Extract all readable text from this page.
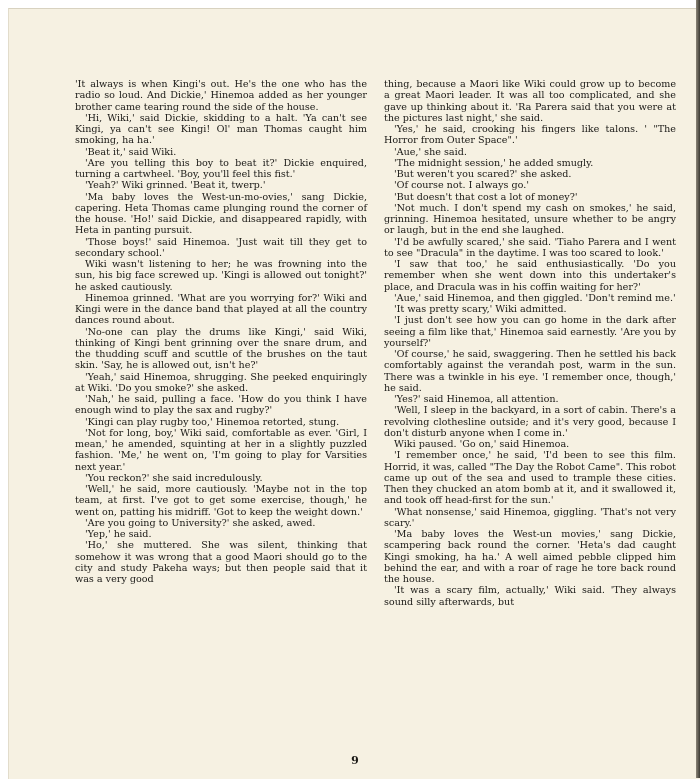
'It always is when Kingi's out. He's the one who has the radio so loud. And Dickie,' Hinemoa added as her younger brother came tearing round the side of the house.

'Hi, Wiki,' said Dickie, skidding to a halt. 'Ya can't see Kingi, ya can't see Kingi! Ol' man Thomas caught him smoking, ha ha.'

'Beat it,' said Wiki.

'Are you telling this boy to beat it?' Dickie enquired, turning a cartwheel. 'Boy, you'll feel this fist.'

'Yeah?' Wiki grinned. 'Beat it, twerp.'

'Ma baby loves the West-un-mo-ovies,' sang Dickie, capering. Heta Thomas came plunging round the corner of the house. 'Ho!' said Dickie, and disappeared rapidly, with Heta in panting pursuit.

'Those boys!' said Hinemoa. 'Just wait till they get to secondary school.'

Wiki wasn't listening to her; he was frowning into the sun, his big face screwed up. 'Kingi is allowed out tonight?' he asked cautiously.

Hinemoa grinned. 'What are you worrying for?' Wiki and Kingi were in the dance band that played at all the country dances round about.

'No-one can play the drums like Kingi,' said Wiki, thinking of Kingi bent grinning over the snare drum, and the thudding scuff and scuttle of the brushes on the taut skin. 'Say, he is allowed out, isn't he?'

'Yeah,' said Hinemoa, shrugging. She peeked enquiringly at Wiki. 'Do you smoke?' she asked.

'Nah,' he said, pulling a face. 'How do you think I have enough wind to play the sax and rugby?'

'Kingi can play rugby too,' Hinemoa retorted, stung.

'Not for long, boy,' Wiki said, comfortable as ever. 'Girl, I mean,' he amended, squinting at her in a slightly puzzled fashion. 'Me,' he went on, 'I'm going to play for Varsities next year.'

'You reckon?' she said incredulously.

'Well,' he said, more cautiously. 'Maybe not in the top team, at first. I've got to get some exercise, though,' he went on, patting his midriff. 'Got to keep the weight down.'

'Are you going to University?' she asked, awed.

'Yep,' he said.

'Ho,' she muttered. She was silent, thinking that somehow it was wrong that a good Maori should go to the city and study Pakeha ways; but then people said that it was a very good

thing, because a Maori like Wiki could grow up to become a great Maori leader. It was all too complicated, and she gave up thinking about it. 'Ra Parera said that you were at the pictures last night,' she said.

'Yes,' he said, crooking his fingers like talons. ' "The Horror from Outer Space".'

'Aue,' she said.

'The midnight session,' he added smugly.

'But weren't you scared?' she asked.

'Of course not. I always go.'

'But doesn't that cost a lot of money?'

'Not much. I don't spend my cash on smokes,' he said, grinning. Hinemoa hesitated, unsure whether to be angry or laugh, but in the end she laughed.

'I'd be awfully scared,' she said. 'Tiaho Parera and I went to see "Dracula" in the daytime. I was too scared to look.'

'I saw that too,' he said enthusiastically. 'Do you remember when she went down into this undertaker's place, and Dracula was in his coffin waiting for her?'

'Aue,' said Hinemoa, and then giggled. 'Don't remind me.'

'It was pretty scary,' Wiki admitted.

'I just don't see how you can go home in the dark after seeing a film like that,' Hinemoa said earnestly. 'Are you by yourself?'

'Of course,' he said, swaggering. Then he settled his back comfortably against the verandah post, warm in the sun. There was a twinkle in his eye. 'I remember once, though,' he said.

'Yes?' said Hinemoa, all attention.

'Well, I sleep in the backyard, in a sort of cabin. There's a revolving clothesline outside; and it's very good, because I don't disturb anyone when I come in.'

Wiki paused. 'Go on,' said Hinemoa.

'I remember once,' he said, 'I'd been to see this film. Horrid, it was, called "The Day the Robot Came". This robot came up out of the sea and used to trample these cities. Then they chucked an atom bomb at it, and it swallowed it, and took off head-first for the sun.'

'What nonsense,' said Hinemoa, giggling. 'That's not very scary.'

'Ma baby loves the West-un movies,' sang Dickie, scampering back round the corner. 'Heta's dad caught Kingi smoking, ha ha.' A well aimed pebble clipped him behind the ear, and with a roar of rage he tore back round the house.

'It was a scary film, actually,' Wiki said. 'They always sound silly afterwards, but

9
